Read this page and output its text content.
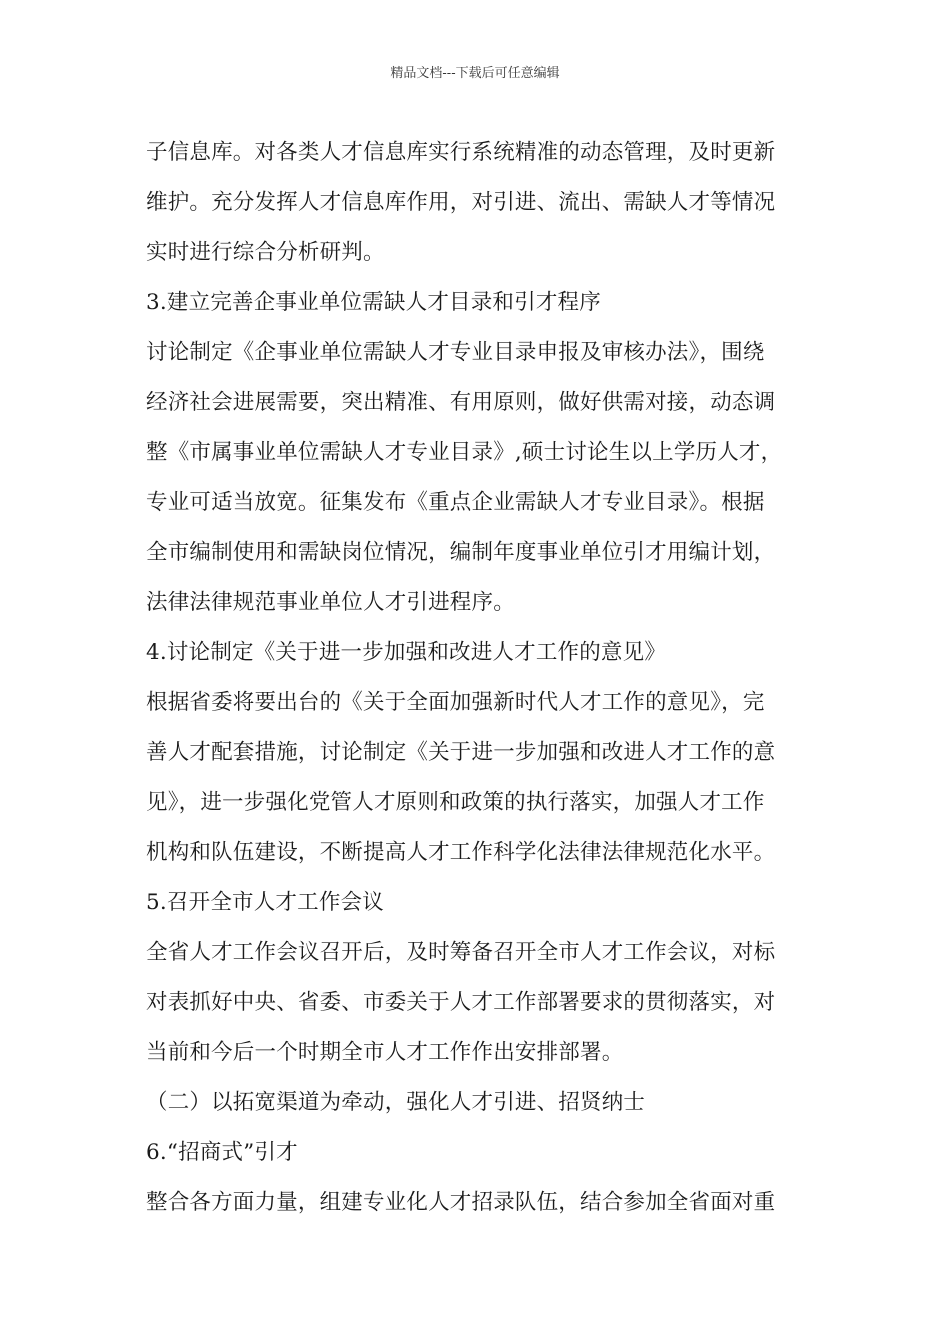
精品文档---下载后可任意编辑
子信息库。对各类人才信息库实行系统精准的动态管理，及时更新
维护。充分发挥人才信息库作用，对引进、流出、需缺人才等情况
实时进行综合分析研判。
3.建立完善企事业单位需缺人才目录和引才程序
讨论制定《企事业单位需缺人才专业目录申报及审核办法》，围绕
经济社会进展需要，突出精准、有用原则，做好供需对接，动态调
整《市属事业单位需缺人才专业目录》,硕士讨论生以上学历人才，
专业可适当放宽。征集发布《重点企业需缺人才专业目录》。根据
全市编制使用和需缺岗位情况，编制年度事业单位引才用编计划，
法律法律规范事业单位人才引进程序。
4.讨论制定《关于进一步加强和改进人才工作的意见》
根据省委将要出台的《关于全面加强新时代人才工作的意见》，完
善人才配套措施，讨论制定《关于进一步加强和改进人才工作的意
见》，进一步强化党管人才原则和政策的执行落实，加强人才工作
机构和队伍建设，不断提高人才工作科学化法律法律规范化水平。
5.召开全市人才工作会议
全省人才工作会议召开后，及时筹备召开全市人才工作会议，对标
对表抓好中央、省委、市委关于人才工作部署要求的贯彻落实，对
当前和今后一个时期全市人才工作作出安排部署。
（二）以拓宽渠道为牵动，强化人才引进、招贤纳士
6.“招商式”引才
整合各方面力量，组建专业化人才招录队伍，结合参加全省面对重
